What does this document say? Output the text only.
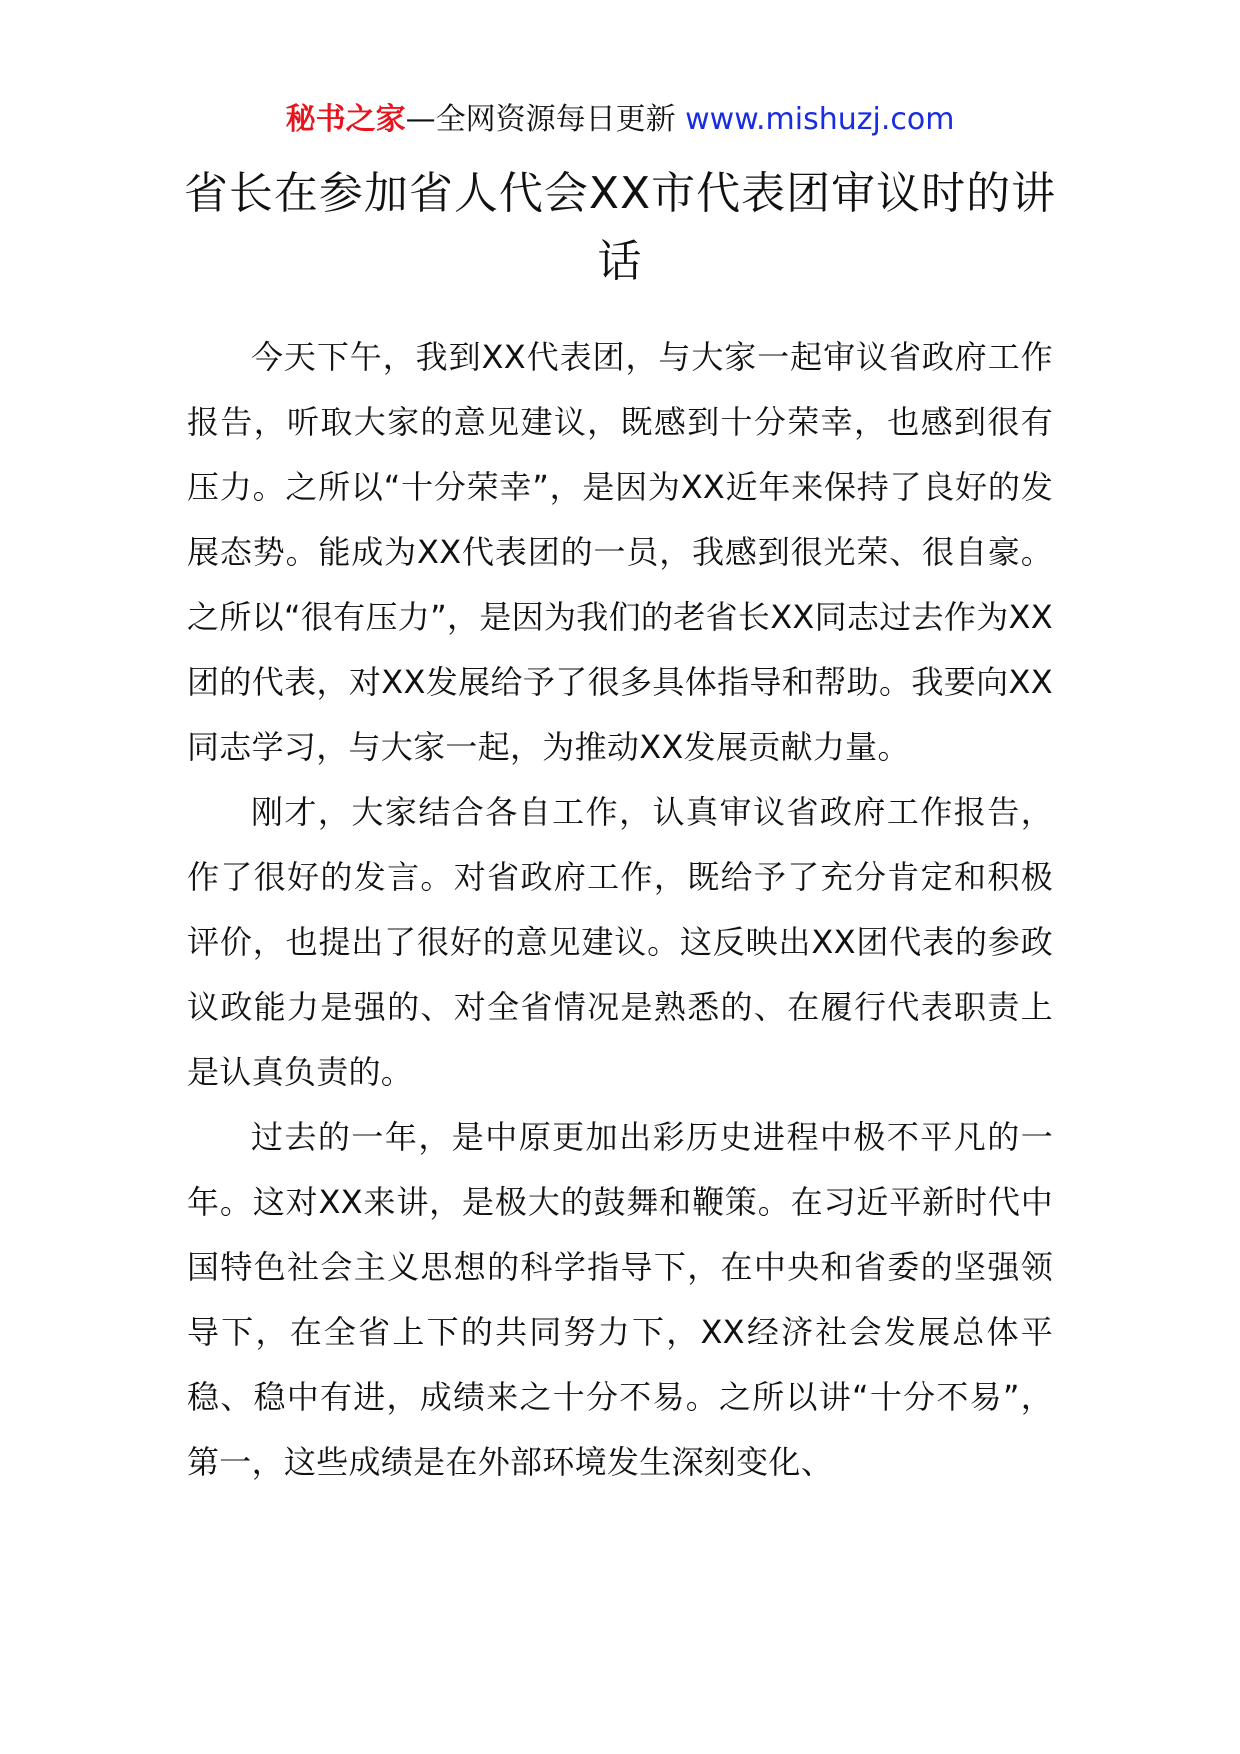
秘书之家—全网资源每日更新 www.mishuzj.com
省长在参加省人代会XX市代表团审议时的讲话

今天下午，我到XX代表团，与大家一起审议省政府工作报告，听取大家的意见建议，既感到十分荣幸，也感到很有压力。之所以“十分荣幸”，是因为XX近年来保持了良好的发展态势。能成为XX代表团的一员，我感到很光荣、很自豪。之所以“很有压力”，是因为我们的老省长XX同志过去作为XX团的代表，对XX发展给予了很多具体指导和帮助。我要向XX同志学习，与大家一起，为推动XX发展贡献力量。

刚才，大家结合各自工作，认真审议省政府工作报告，作了很好的发言。对省政府工作，既给予了充分肯定和积极评价，也提出了很好的意见建议。这反映出XX团代表的参政议政能力是强的、对全省情况是熟悉的、在履行代表职责上是认真负责的。

过去的一年，是中原更加出彩历史进程中极不平凡的一年。这对XX来讲，是极大的鼓舞和鞭策。在习近平新时代中国特色社会主义思想的科学指导下，在中央和省委的坚强领导下，在全省上下的共同努力下，XX经济社会发展总体平稳、稳中有进，成绩来之十分不易。之所以讲“十分不易”，第一，这些成绩是在外部环境发生深刻变化、
